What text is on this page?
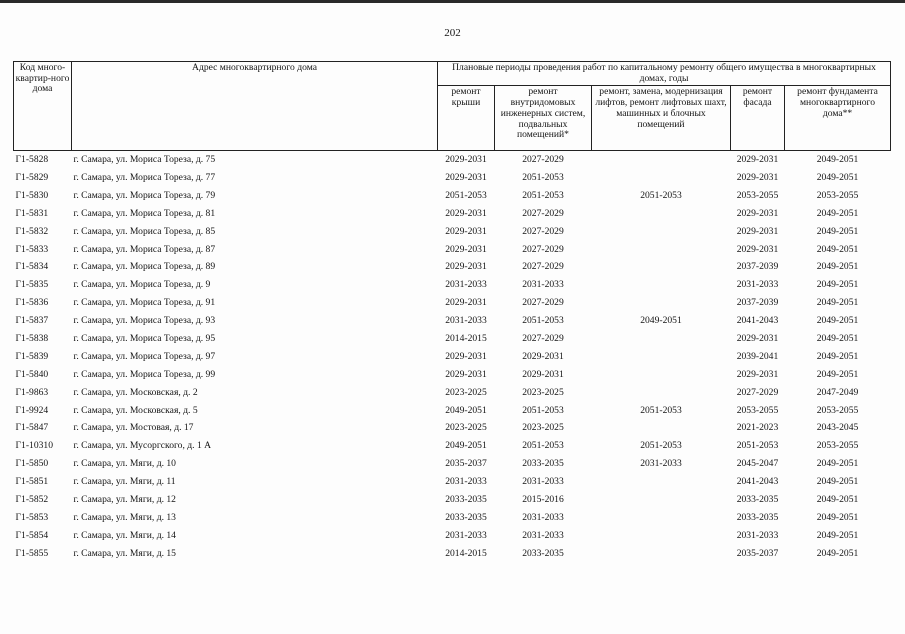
202
Код много-квартир-ного дома	Адрес многоквартирного дома	Плановые периоды проведения работ по капитальному ремонту общего имущества в многоквартирных домах, годы				
		ремонт крыши	ремонт внутридомовых инженерных систем, подвальных помещений*	ремонт, замена, модернизация лифтов, ремонт лифтовых шахт, машинных и блочных помещений	ремонт фасада	ремонт фундамента многоквартирного дома**
Г1-5828	г. Самара, ул. Мориса Тореза, д. 75	2029-2031	2027-2029		2029-2031	2049-2051
Г1-5829	г. Самара, ул. Мориса Тореза, д. 77	2029-2031	2051-2053		2029-2031	2049-2051
Г1-5830	г. Самара, ул. Мориса Тореза, д. 79	2051-2053	2051-2053	2051-2053	2053-2055	2053-2055
Г1-5831	г. Самара, ул. Мориса Тореза, д. 81	2029-2031	2027-2029		2029-2031	2049-2051
Г1-5832	г. Самара, ул. Мориса Тореза, д. 85	2029-2031	2027-2029		2029-2031	2049-2051
Г1-5833	г. Самара, ул. Мориса Тореза, д. 87	2029-2031	2027-2029		2029-2031	2049-2051
Г1-5834	г. Самара, ул. Мориса Тореза, д. 89	2029-2031	2027-2029		2037-2039	2049-2051
Г1-5835	г. Самара, ул. Мориса Тореза, д. 9	2031-2033	2031-2033		2031-2033	2049-2051
Г1-5836	г. Самара, ул. Мориса Тореза, д. 91	2029-2031	2027-2029		2037-2039	2049-2051
Г1-5837	г. Самара, ул. Мориса Тореза, д. 93	2031-2033	2051-2053	2049-2051	2041-2043	2049-2051
Г1-5838	г. Самара, ул. Мориса Тореза, д. 95	2014-2015	2027-2029		2029-2031	2049-2051
Г1-5839	г. Самара, ул. Мориса Тореза, д. 97	2029-2031	2029-2031		2039-2041	2049-2051
Г1-5840	г. Самара, ул. Мориса Тореза, д. 99	2029-2031	2029-2031		2029-2031	2049-2051
Г1-9863	г. Самара, ул. Московская, д. 2	2023-2025	2023-2025		2027-2029	2047-2049
Г1-9924	г. Самара, ул. Московская, д. 5	2049-2051	2051-2053	2051-2053	2053-2055	2053-2055
Г1-5847	г. Самара, ул. Мостовая, д. 17	2023-2025	2023-2025		2021-2023	2043-2045
Г1-10310	г. Самара, ул. Мусоргского, д. 1 А	2049-2051	2051-2053	2051-2053	2051-2053	2053-2055
Г1-5850	г. Самара, ул. Мяги, д. 10	2035-2037	2033-2035	2031-2033	2045-2047	2049-2051
Г1-5851	г. Самара, ул. Мяги, д. 11	2031-2033	2031-2033		2041-2043	2049-2051
Г1-5852	г. Самара, ул. Мяги, д. 12	2033-2035	2015-2016		2033-2035	2049-2051
Г1-5853	г. Самара, ул. Мяги, д. 13	2033-2035	2031-2033		2033-2035	2049-2051
Г1-5854	г. Самара, ул. Мяги, д. 14	2031-2033	2031-2033		2031-2033	2049-2051
Г1-5855	г. Самара, ул. Мяги, д. 15	2014-2015	2033-2035		2035-2037	2049-2051
